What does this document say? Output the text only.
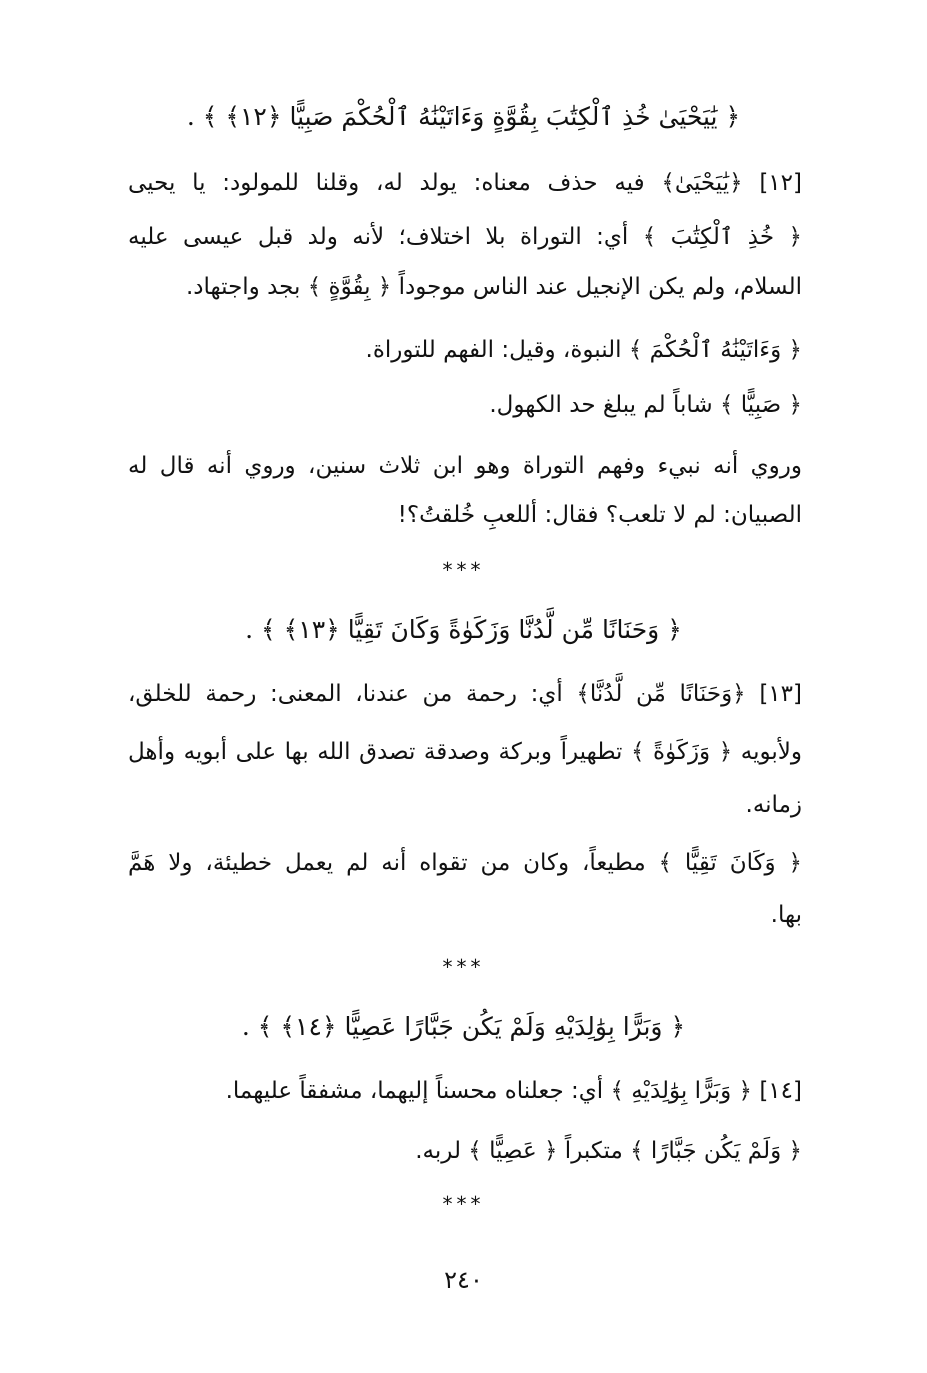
﴿ يَٰيَحْيَىٰ خُذِ ٱلْكِتَٰبَ بِقُوَّةٍ وَءَاتَيْنَٰهُ ٱلْحُكْمَ صَبِيًّا ﴿١٢﴾ ﴾ .
[١٢] ﴿يَٰيَحْيَىٰ﴾ فيه حذف معناه: يولد له، وقلنا للمولود: يا يحيى
﴿ خُذِ ٱلْكِتَٰبَ ﴾ أي: التوراة بلا اختلاف؛ لأنه ولد قبل عيسى عليه
السلام، ولم يكن الإنجيل عند الناس موجوداً ﴿ بِقُوَّةٍ ﴾ بجد واجتهاد.
﴿ وَءَاتَيْنَٰهُ ٱلْحُكْمَ ﴾ النبوة، وقيل: الفهم للتوراة.
﴿ صَبِيًّا ﴾ شاباً لم يبلغ حد الكهول.
وروي أنه نبيء وفهم التوراة وهو ابن ثلاث سنين، وروي أنه قال له
الصبيان: لم لا تلعب؟ فقال: أللعبِ خُلقتُ؟!
***
﴿ وَحَنَانًا مِّن لَّدُنَّا وَزَكَوٰةً وَكَانَ تَقِيًّا ﴿١٣﴾ ﴾ .
[١٣] ﴿وَحَنَانًا مِّن لَّدُنَّا﴾ أي: رحمة من عندنا، المعنى: رحمة للخلق،
ولأبويه ﴿ وَزَكَوٰةً ﴾ تطهيراً وبركة وصدقة تصدق الله بها على أبويه وأهل
زمانه.
﴿ وَكَانَ تَقِيًّا ﴾ مطيعاً، وكان من تقواه أنه لم يعمل خطيئة، ولا هَمَّ
بها.
***
﴿ وَبَرًّا بِوَٰلِدَيْهِ وَلَمْ يَكُن جَبَّارًا عَصِيًّا ﴿١٤﴾ ﴾ .
[١٤] ﴿ وَبَرًّا بِوَٰلِدَيْهِ ﴾ أي: جعلناه محسناً إليهما، مشفقاً عليهما.
﴿ وَلَمْ يَكُن جَبَّارًا ﴾ متكبراً ﴿ عَصِيًّا ﴾ لربه.
***
٢٤٠
